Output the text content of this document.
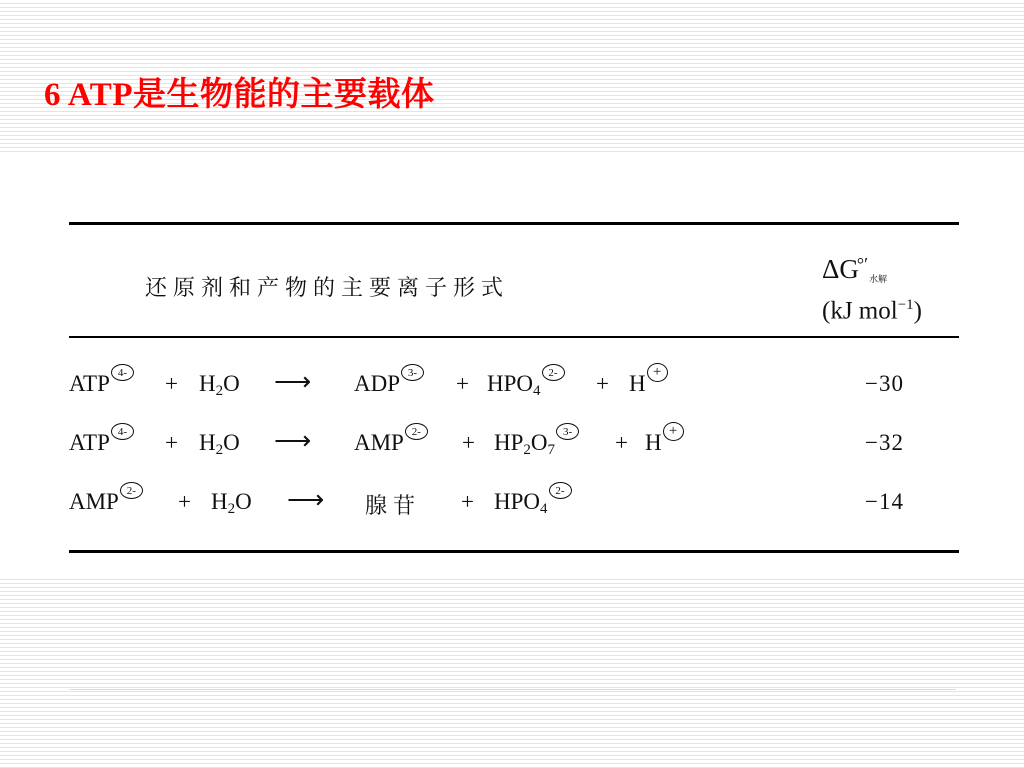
6 ATP是生物能的主要载体
还原剂和产物的主要离子形式
ΔG°′水解
(kJ mol$^{-1}$)
ATP 4-	+ $H_2O$ ⟶ ADP 3-	+ $HPO_42-$	+ H +	−30
ATP 4-	+ $H_2O$ ⟶ AMP 2-	+ $HP_2O_73-$	+ H +	−32
AMP 2-	+ $H_2O$ ⟶ 腺苷 + $HPO_42-$	−14
